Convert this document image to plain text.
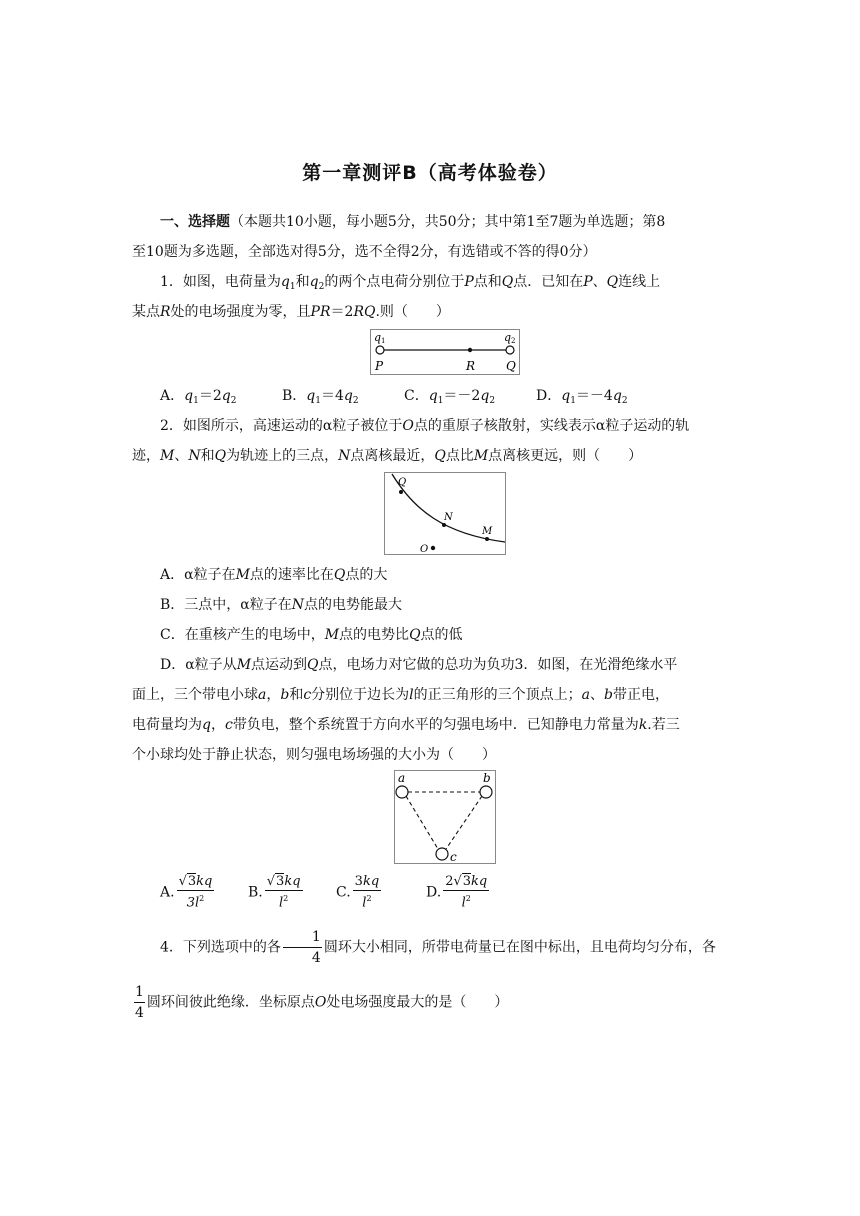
第一章测评B（高考体验卷）
一、选择题（本题共10小题，每小题5分，共50分；其中第1至7题为单选题；第8
至10题为多选题，全部选对得5分，选不全得2分，有选错或不答的得0分）
1．如图，电荷量为$q_1$和$q_2$的两个点电荷分别位于P点和Q点．已知在P、Q连线上
某点R处的电场强度为零，且PR＝2RQ.则（　　）
q1	q2
P	R	Q
A．$q_1=2q_2$	B．$q_1=4q_2$	C．$q_1=-2q_2$	D．$q_1=-4q_2$
2．如图所示，高速运动的α粒子被位于O点的重原子核散射，实线表示α粒子运动的轨
迹，M、N和Q为轨迹上的三点，N点离核最近，Q点比M点离核更远，则（　　）
Q
N
M
O
A．α粒子在M点的速率比在Q点的大
B．三点中，α粒子在N点的电势能最大
C．在重核产生的电场中，M点的电势比Q点的低
D．α粒子从M点运动到Q点，电场力对它做的总功为负功3．如图，在光滑绝缘水平
面上，三个带电小球a，b和c分别位于边长为l的正三角形的三个顶点上；a、b带正电，
电荷量均为q，c带负电，整个系统置于方向水平的匀强电场中．已知静电力常量为k.若三
个小球均处于静止状态，则匀强电场场强的大小为（　　）
a	b
c
A. $\frac{√3kq}{3l^2} B$. $\frac{√3kq}{l^2} C$. $\frac{3kq}{l^2}$	D. $\frac{2√3kq}{l^2}$
4．下列选项中的各 $\frac{1}{4}$ 圆环大小相同，所带电荷量已在图中标出，且电荷均匀分布，各
$\frac{1}{4}$ 圆环间彼此绝缘．坐标原点O处电场强度最大的是（　　）
